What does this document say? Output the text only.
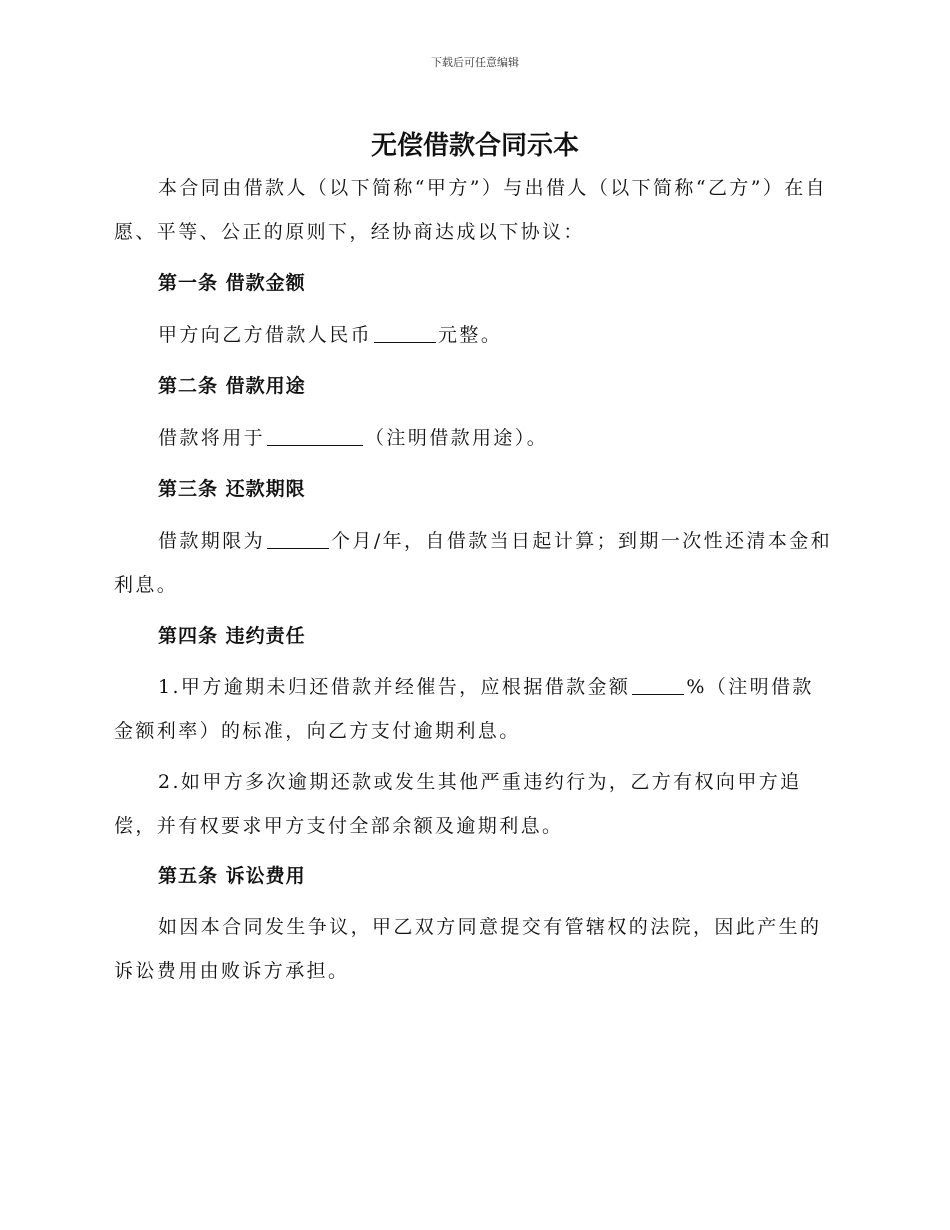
下载后可任意编辑
无偿借款合同示本

本合同由借款人（以下简称“甲方”）与出借人（以下简称“乙方”）在自愿、平等、公正的原则下，经协商达成以下协议：

第一条 借款金额

甲方向乙方借款人民币	元整。

第二条 借款用途

借款将用于	（注明借款用途）。

第三条 还款期限

借款期限为	个月/年，自借款当日起计算；到期一次性还清本金和利息。

第四条 违约责任

1.甲方逾期未归还借款并经催告，应根据借款金额	%（注明借款金额利率）的标准，向乙方支付逾期利息。

2.如甲方多次逾期还款或发生其他严重违约行为，乙方有权向甲方追偿，并有权要求甲方支付全部余额及逾期利息。

第五条 诉讼费用

如因本合同发生争议，甲乙双方同意提交有管辖权的法院，因此产生的诉讼费用由败诉方承担。
